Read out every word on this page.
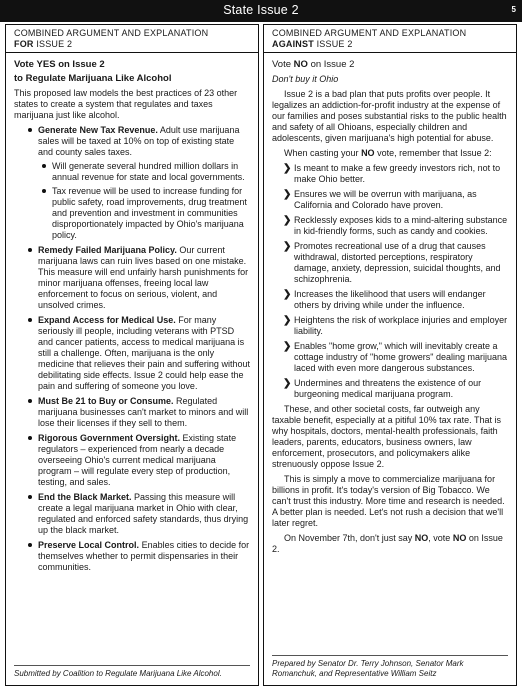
State Issue 2	5
COMBINED ARGUMENT AND EXPLANATION
FOR ISSUE 2
Vote YES on Issue 2
to Regulate Marijuana Like Alcohol
This proposed law models the best practices of 23 other states to create a system that regulates and taxes marijuana just like alcohol.
Generate New Tax Revenue. Adult use marijuana sales will be taxed at 10% on top of existing state and county sales taxes.
Will generate several hundred million dollars in annual revenue for state and local governments.
Tax revenue will be used to increase funding for public safety, road improvements, drug treatment and prevention and investment in communities disproportionately impacted by Ohio's marijuana policy.
Remedy Failed Marijuana Policy. Our current marijuana laws can ruin lives based on one mistake. This measure will end unfairly harsh punishments for minor marijuana offenses, freeing local law enforcement to focus on serious, violent, and unsolved crimes.
Expand Access for Medical Use. For many seriously ill people, including veterans with PTSD and cancer patients, access to medical marijuana is still a challenge. Often, marijuana is the only medicine that relieves their pain and suffering without debilitating side effects. Issue 2 could help ease the pain and suffering of someone you love.
Must Be 21 to Buy or Consume. Regulated marijuana businesses can't market to minors and will lose their licenses if they sell to them.
Rigorous Government Oversight. Existing state regulators – experienced from nearly a decade overseeing Ohio's current medical marijuana program – will regulate every step of production, testing, and sales.
End the Black Market. Passing this measure will create a legal marijuana market in Ohio with clear, regulated and enforced safety standards, thus drying up the black market.
Preserve Local Control. Enables cities to decide for themselves whether to permit dispensaries in their communities.
Submitted by Coalition to Regulate Marijuana Like Alcohol.
COMBINED ARGUMENT AND EXPLANATION
AGAINST ISSUE 2
Vote NO on Issue 2
Don't buy it Ohio
Issue 2 is a bad plan that puts profits over people. It legalizes an addiction-for-profit industry at the expense of our families and poses substantial risks to the public health and safety of all Ohioans, especially children and adolescents, given marijuana's high potential for abuse.
When casting your NO vote, remember that Issue 2:
❯ Is meant to make a few greedy investors rich, not to make Ohio better.
❯ Ensures we will be overrun with marijuana, as California and Colorado have proven.
❯ Recklessly exposes kids to a mind-altering substance in kid-friendly forms, such as candy and cookies.
❯ Promotes recreational use of a drug that causes withdrawal, distorted perceptions, respiratory damage, anxiety, depression, suicidal thoughts, and schizophrenia.
❯ Increases the likelihood that users will endanger others by driving while under the influence.
❯ Heightens the risk of workplace injuries and employer liability.
❯ Enables "home grow," which will inevitably create a cottage industry of "home growers" dealing marijuana laced with even more dangerous substances.
❯ Undermines and threatens the existence of our burgeoning medical marijuana program.
These, and other societal costs, far outweigh any taxable benefit, especially at a pitiful 10% tax rate. That is why hospitals, doctors, mental-health professionals, faith leaders, parents, educators, business owners, law enforcement, prosecutors, and policymakers alike strenuously oppose Issue 2.
This is simply a move to commercialize marijuana for billions in profit. It's today's version of Big Tobacco. We can't trust this industry. More time and research is needed. A better plan is needed. Let's not rush a decision that we'll later regret.
On November 7th, don't just say NO, vote NO on Issue 2.
Prepared by Senator Dr. Terry Johnson, Senator Mark Romanchuk, and Representative William Seitz
